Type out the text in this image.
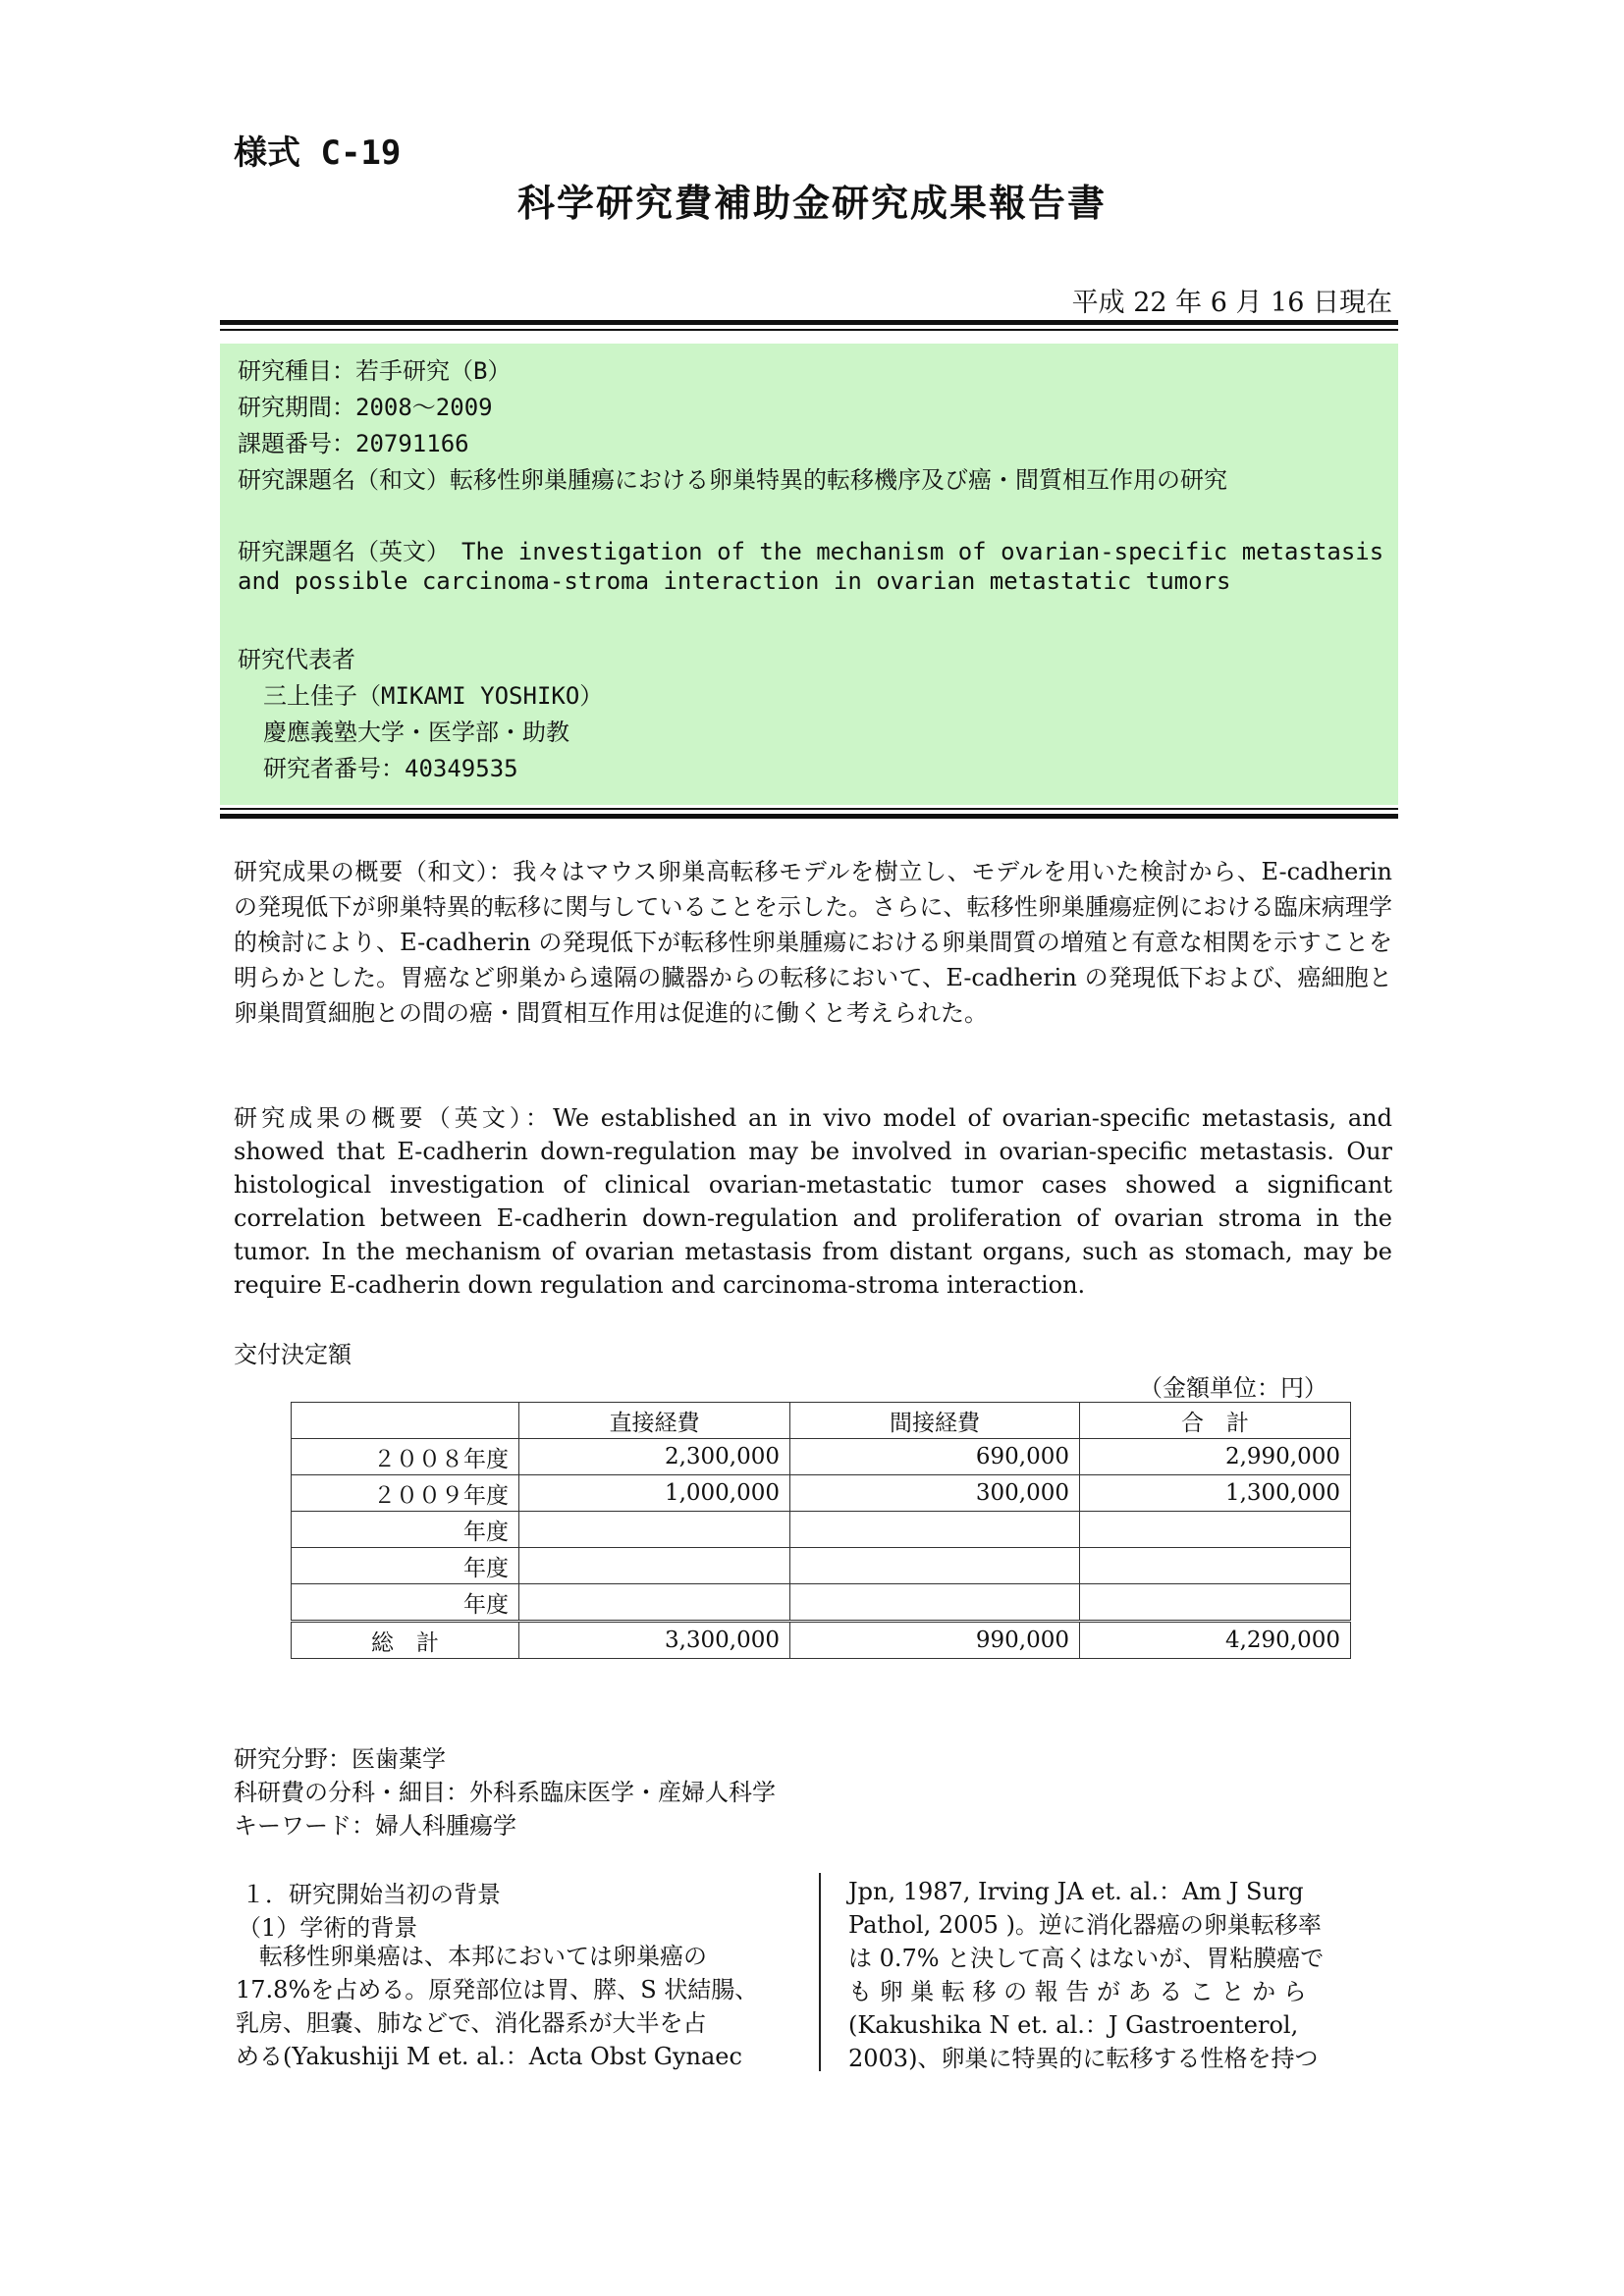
様式 C-19
科学研究費補助金研究成果報告書
平成 22 年 6 月 16 日現在
研究種目：若手研究（B）
研究期間：2008～2009
課題番号：20791166
研究課題名（和文）転移性卵巣腫瘍における卵巣特異的転移機序及び癌・間質相互作用の研究
研究課題名（英文）　The investigation of the mechanism of ovarian-specific metastasis
and possible carcinoma-stroma interaction in ovarian metastatic tumors
研究代表者
三上佳子（MIKAMI YOSHIKO）
慶應義塾大学・医学部・助教
研究者番号：40349535
研究成果の概要（和文）：我々はマウス卵巣高転移モデルを樹立し、モデルを用いた検討から、E-cadherin の発現低下が卵巣特異的転移に関与していることを示した。さらに、転移性卵巣腫瘍症例における臨床病理学的検討により、E-cadherin の発現低下が転移性卵巣腫瘍における卵巣間質の増殖と有意な相関を示すことを明らかとした。胃癌など卵巣から遠隔の臓器からの転移において、E-cadherin の発現低下および、癌細胞と卵巣間質細胞との間の癌・間質相互作用は促進的に働くと考えられた。
研究成果の概要（英文）：We established an in vivo model of ovarian-specific metastasis, and showed that E-cadherin down-regulation may be involved in ovarian-specific metastasis. Our histological investigation of clinical ovarian-metastatic tumor cases showed a significant correlation between E-cadherin down-regulation and proliferation of ovarian stroma in the tumor. In the mechanism of ovarian metastasis from distant organs, such as stomach, may be require E-cadherin down regulation and carcinoma-stroma interaction.
交付決定額
（金額単位：円）
	直接経費	間接経費	合　計
２００８年度	2,300,000	690,000	2,990,000
２００９年度	1,000,000	300,000	1,300,000
年度			
年度			
年度			
総　計	3,300,000	990,000	4,290,000
研究分野：医歯薬学
科研費の分科・細目：外科系臨床医学・産婦人科学
キーワード：婦人科腫瘍学
１．研究開始当初の背景
（1）学術的背景
　転移性卵巣癌は、本邦においては卵巣癌の
17.8%を占める。原発部位は胃、膵、S 状結腸、
乳房、胆嚢、肺などで、消化器系が大半を占
める(Yakushiji M et. al.：Acta Obst Gynaec
Jpn, 1987, Irving JA et. al.：Am J Surg
Pathol, 2005 )。逆に消化器癌の卵巣転移率
は 0.7% と決して高くはないが、胃粘膜癌で
も 卵 巣 転 移 の 報 告 が あ る こ と か ら
(Kakushika N et. al.：J Gastroenterol,
2003)、卵巣に特異的に転移する性格を持つ
